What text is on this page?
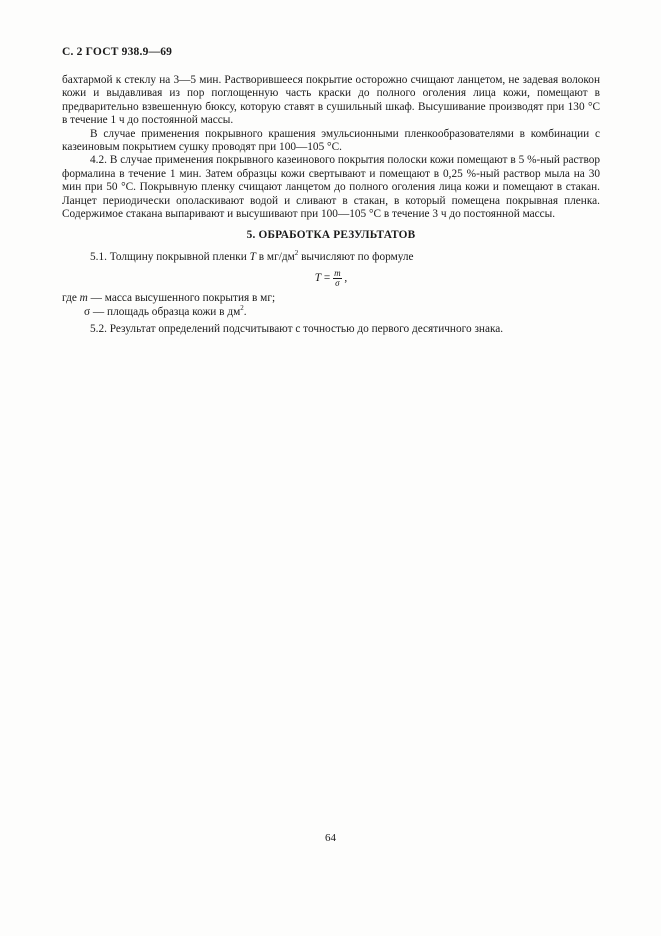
С. 2 ГОСТ 938.9—69

бахтармой к стеклу на 3—5 мин. Растворившееся покрытие осторожно счищают ланцетом, не задевая волокон кожи и выдавливая из пор поглощенную часть краски до полного оголения лица кожи, помещают в предварительно взвешенную бюксу, которую ставят в сушильный шкаф. Высушивание производят при 130 °С в течение 1 ч до постоянной массы.

В случае применения покрывного крашения эмульсионными пленкообразователями в комбинации с казеиновым покрытием сушку проводят при 100—105 °С.

4.2. В случае применения покрывного казеинового покрытия полоски кожи помещают в 5 %-ный раствор формалина в течение 1 мин. Затем образцы кожи свертывают и помещают в 0,25 %-ный раствор мыла на 30 мин при 50 °С. Покрывную пленку счищают ланцетом до полного оголения лица кожи и помещают в стакан. Ланцет периодически ополаскивают водой и сливают в стакан, в который помещена покрывная пленка. Содержимое стакана выпаривают и высушивают при 100—105 °С в течение 3 ч до постоянной массы.

5. ОБРАБОТКА РЕЗУЛЬТАТОВ

5.1. Толщину покрывной пленки T в $мг/дм^2$ вычисляют по формуле

$T = \frac{m}{\sigma}$ ,

где m — масса высушенного покрытия в мг;

σ — площадь образца кожи в $дм^2$.

5.2. Результат определений подсчитывают с точностью до первого десятичного знака.

64
